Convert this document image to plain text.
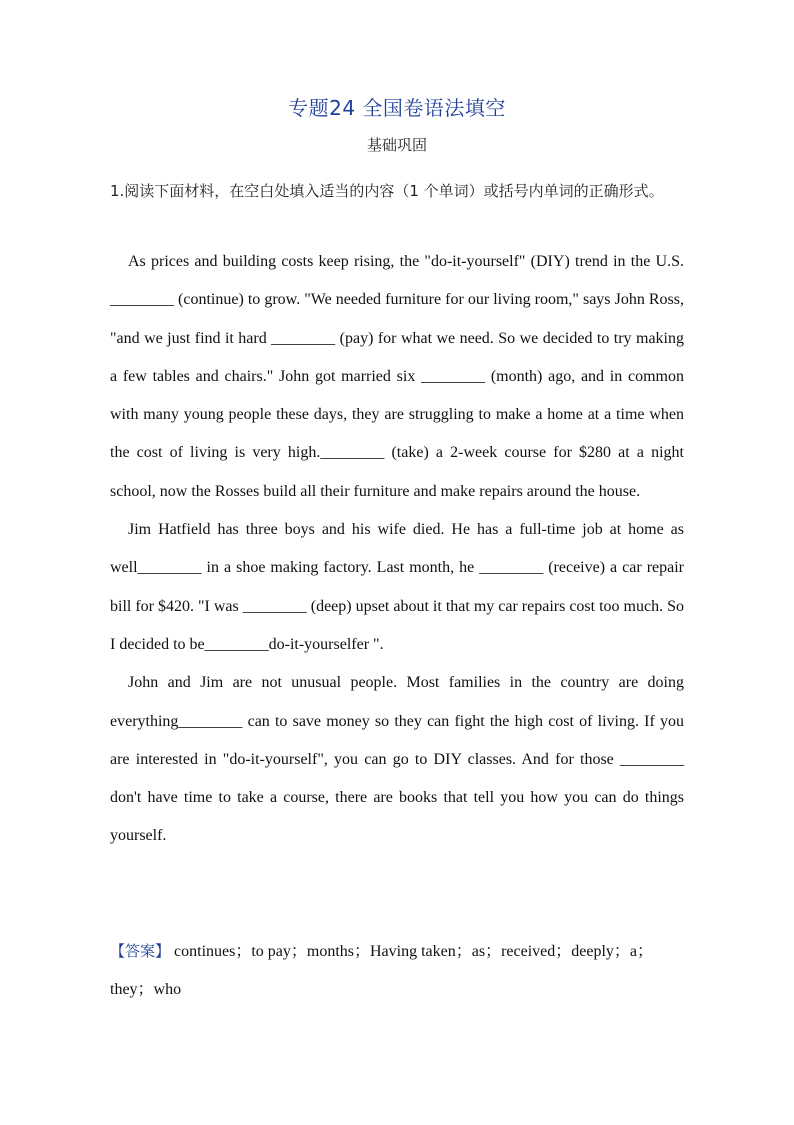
专题24 全国卷语法填空
基础巩固
1.阅读下面材料，在空白处填入适当的内容（1 个单词）或括号内单词的正确形式。

As prices and building costs keep rising, the "do-it-yourself" (DIY) trend in the U.S. ________ (continue) to grow. "We needed furniture for our living room," says John Ross, "and we just find it hard ________ (pay) for what we need. So we decided to try making a few tables and chairs." John got married six ________ (month) ago, and in common with many young people these days, they are struggling to make a home at a time when the cost of living is very high.________ (take) a 2-week course for $280 at a night school, now the Rosses build all their furniture and make repairs around the house.

Jim Hatfield has three boys and his wife died. He has a full-time job at home as well________ in a shoe making factory. Last month, he ________ (receive) a car repair bill for $420. "I was ________ (deep) upset about it that my car repairs cost too much. So I decided to be________do-it-yourselfer ".

John and Jim are not unusual people. Most families in the country are doing everything________ can to save money so they can fight the high cost of living. If you are interested in "do-it-yourself", you can go to DIY classes. And for those ________ don't have time to take a course, there are books that tell you how you can do things yourself.

【答案】 continues；to pay；months；Having taken；as；received；deeply；a；they；who
